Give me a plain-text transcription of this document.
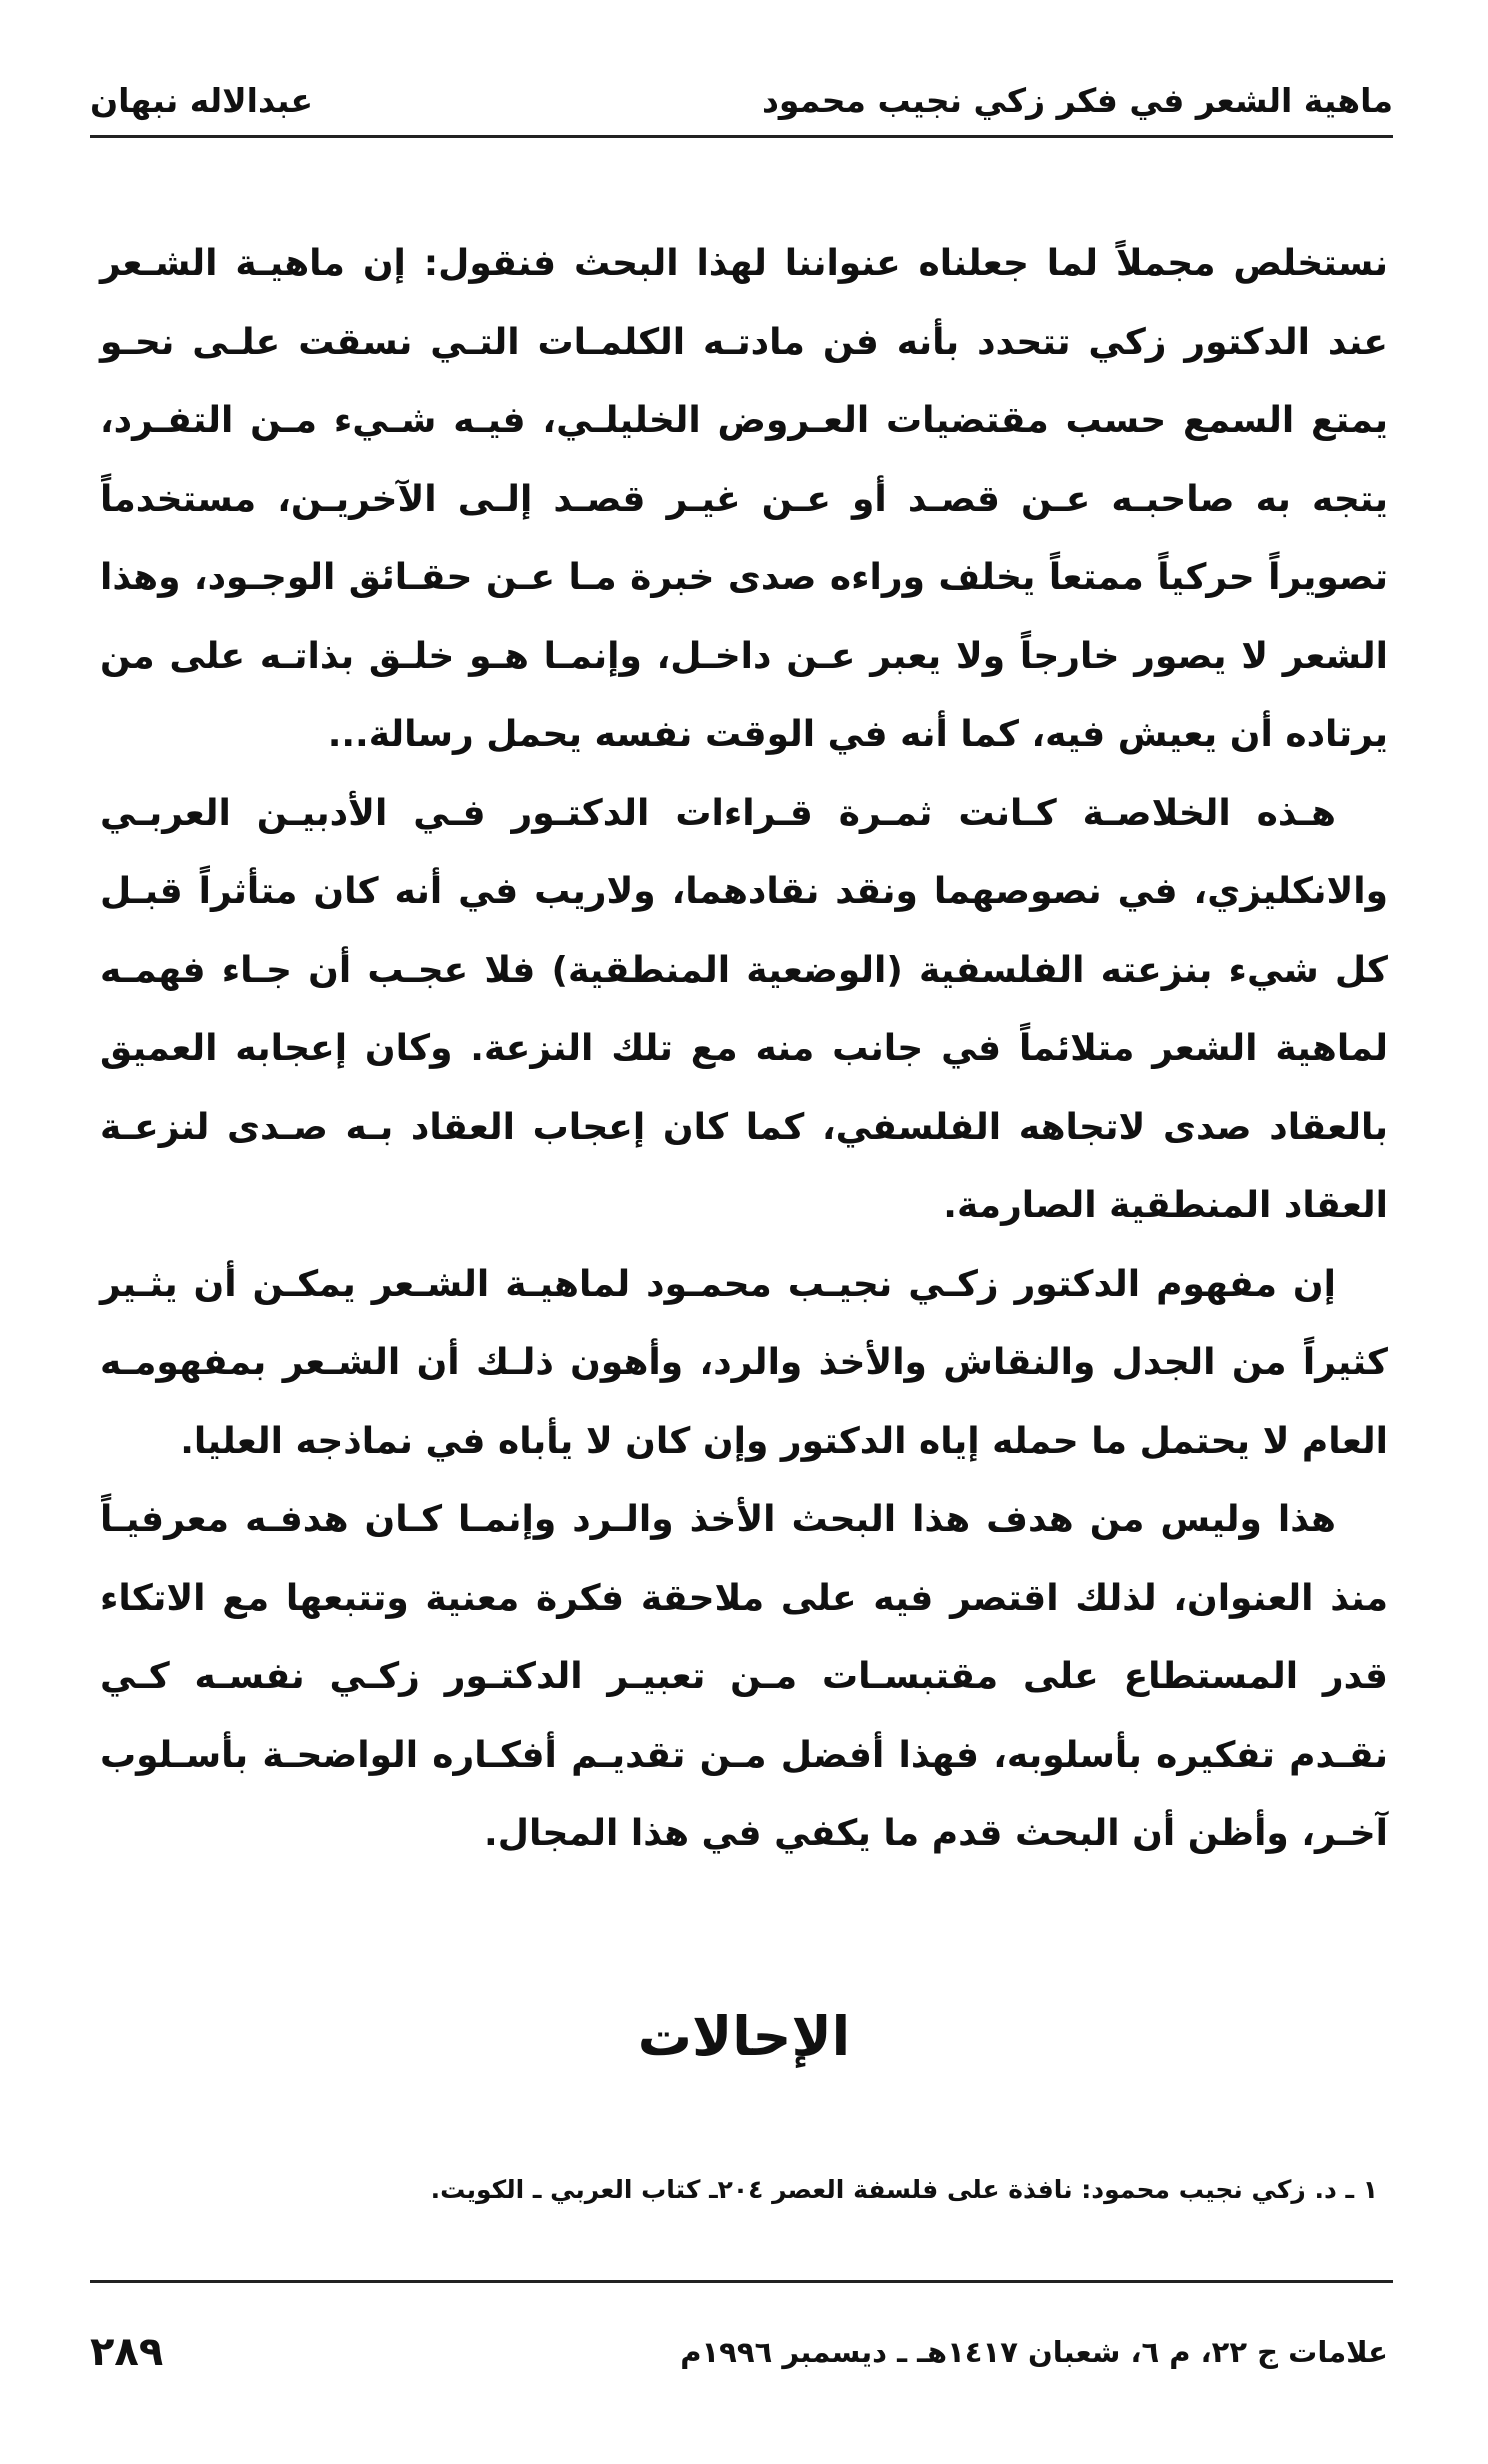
ماهية الشعر في فكر زكي نجيب محمود
عبدالاله نبهان

نستخلص مجملاً لما جعلناه عنواننا لهذا البحث فنقول: إن ماهيـة الشـعر عند الدكتور زكي تتحدد بأنه فن مادتـه الكلمـات التـي نسقت علـى نحـو يمتع السمع حسب مقتضيات العـروض الخليلـي، فيـه شـيء مـن التفـرد، يتجه به صاحبـه عـن قصـد أو عـن غيـر قصـد إلـى الآخريـن، مستخدماً تصويراً حركياً ممتعاً يخلف وراءه صدى خبرة مـا عـن حقـائق الوجـود، وهذا الشعر لا يصور خارجاً ولا يعبر عـن داخـل، وإنمـا هـو خلـق بذاتـه على من يرتاده أن يعيش فيه، كما أنه في الوقت نفسه يحمل رسالة...

هـذه الخلاصـة كـانت ثمـرة قـراءات الدكتـور فـي الأدبيـن العربـي والانكليزي، في نصوصهما ونقد نقادهما، ولاريب في أنه كان متأثراً قبـل كل شيء بنزعته الفلسفية (الوضعية المنطقية) فلا عجـب أن جـاء فهمـه لماهية الشعر متلائماً في جانب منه مع تلك النزعة. وكان إعجابه العميق بالعقاد صدى لاتجاهه الفلسفي، كما كان إعجاب العقاد بـه صـدى لنزعـة العقاد المنطقية الصارمة.

إن مفهوم الدكتور زكـي نجيـب محمـود لماهيـة الشـعر يمكـن أن يثـير كثيراً من الجدل والنقاش والأخذ والرد، وأهون ذلـك أن الشـعر بمفهومـه العام لا يحتمل ما حمله إياه الدكتور وإن كان لا يأباه في نماذجه العليا.

هذا وليس من هدف هذا البحث الأخذ والـرد وإنمـا كـان هدفـه معرفيـاً منذ العنوان، لذلك اقتصر فيه على ملاحقة فكرة معنية وتتبعها مع الاتكاء قدر المستطاع على مقتبسـات مـن تعبيـر الدكتـور زكـي نفسـه كـي نقـدم تفكيره بأسلوبه، فهذا أفضل مـن تقديـم أفكـاره الواضحـة بأسـلوب آخـر، وأظن أن البحث قدم ما يكفي في هذا المجال.

الإحالات
١ ـ د. زكي نجيب محمود: نافذة على فلسفة العصر ٢٠٤ـ كتاب العربي ـ الكويت.
علامات ج ٢٢، م ٦، شعبان ١٤١٧هـ ـ ديسمبر ١٩٩٦م
٢٨٩
